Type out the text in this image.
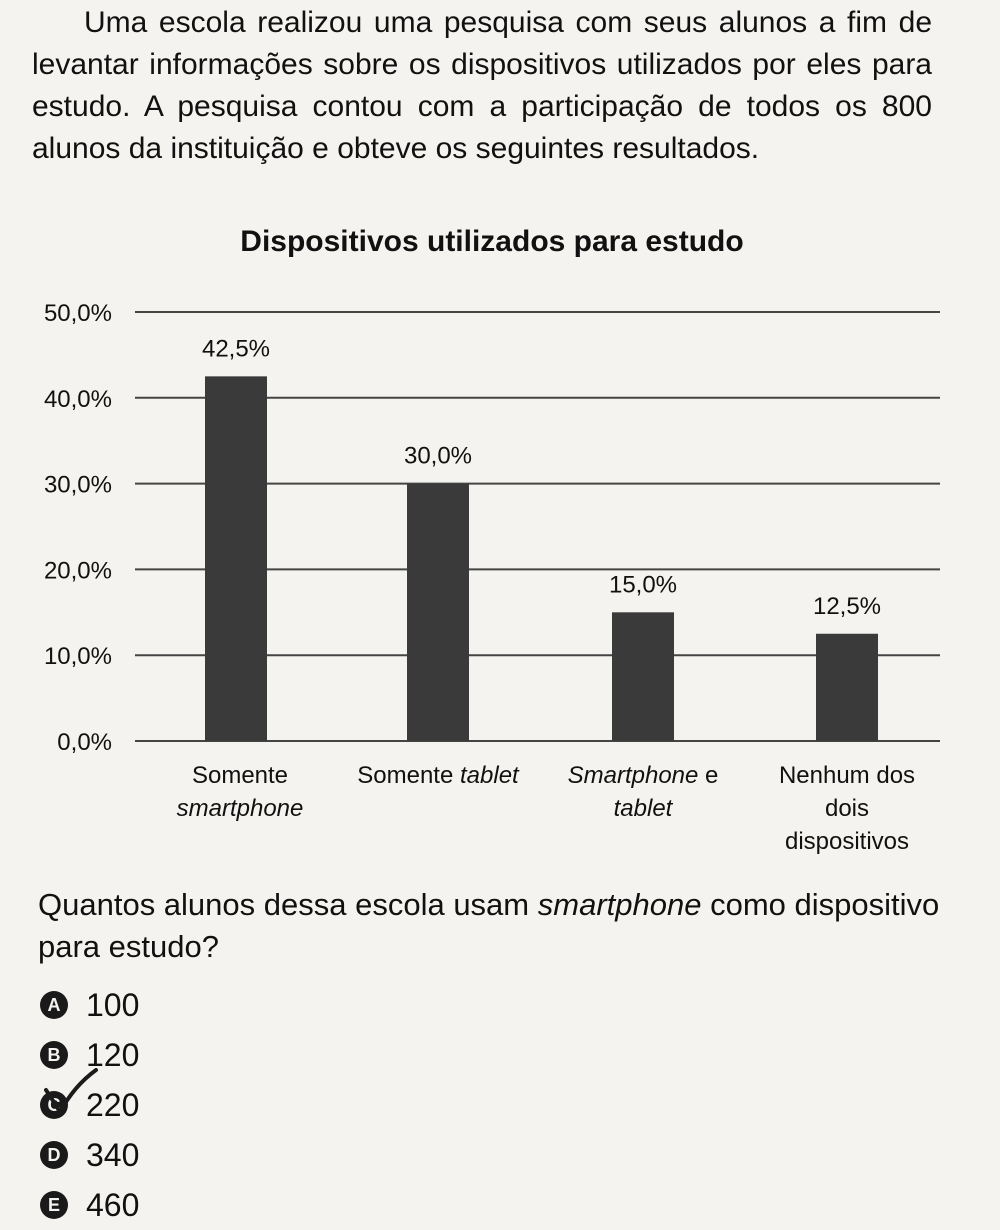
Uma escola realizou uma pesquisa com seus alunos a fim de levantar informações sobre os dispositivos utilizados por eles para estudo. A pesquisa contou com a participação de todos os 800 alunos da instituição e obteve os seguintes resultados.

Dispositivos utilizados para estudo
0,0%
10,0%
20,0%
30,0%
40,0%
50,0%
42,5%
Somente
smartphone
30,0%
Somente tablet
15,0%
Smartphone e
tablet
12,5%
Nenhum dos
dois
dispositivos

Quantos alunos dessa escola usam smartphone como dispositivo para estudo?

A 100
B 120
C 220
D 340
E 460
